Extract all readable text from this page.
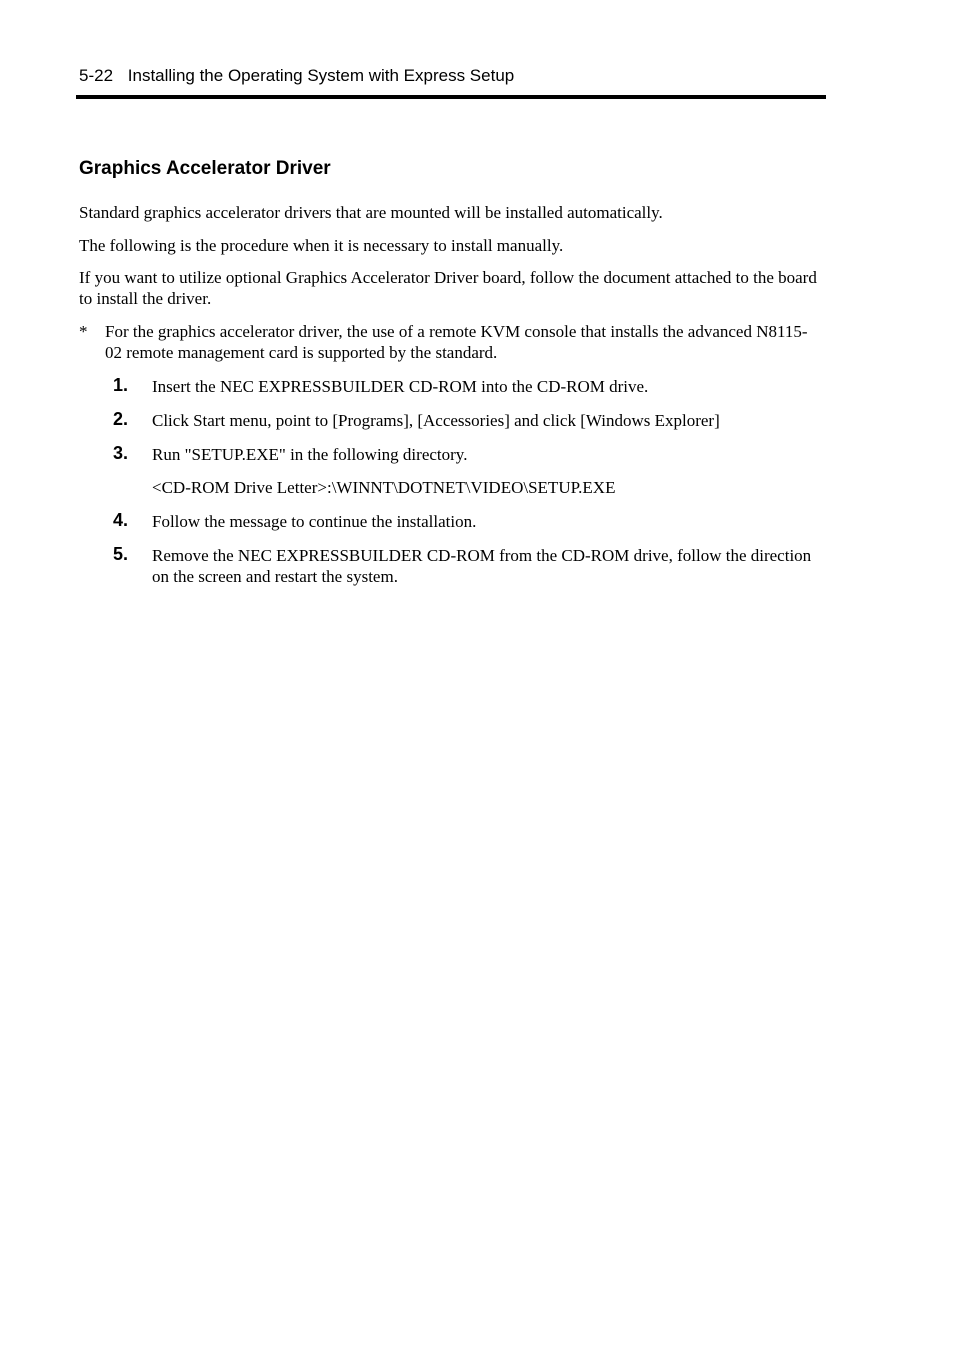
5-22 Installing the Operating System with Express Setup
Graphics Accelerator Driver

Standard graphics accelerator drivers that are mounted will be installed automatically.

The following is the procedure when it is necessary to install manually.

If you want to utilize optional Graphics Accelerator Driver board, follow the document attached to the board to install the driver.

* For the graphics accelerator driver, the use of a remote KVM console that installs the advanced N8115-02 remote management card is supported by the standard.
1. Insert the NEC EXPRESSBUILDER CD-ROM into the CD-ROM drive.
2. Click Start menu, point to [Programs], [Accessories] and click [Windows Explorer]
3. Run "SETUP.EXE" in the following directory.
<CD-ROM Drive Letter>:\WINNT\DOTNET\VIDEO\SETUP.EXE
4. Follow the message to continue the installation.
5. Remove the NEC EXPRESSBUILDER CD-ROM from the CD-ROM drive, follow the direction on the screen and restart the system.
